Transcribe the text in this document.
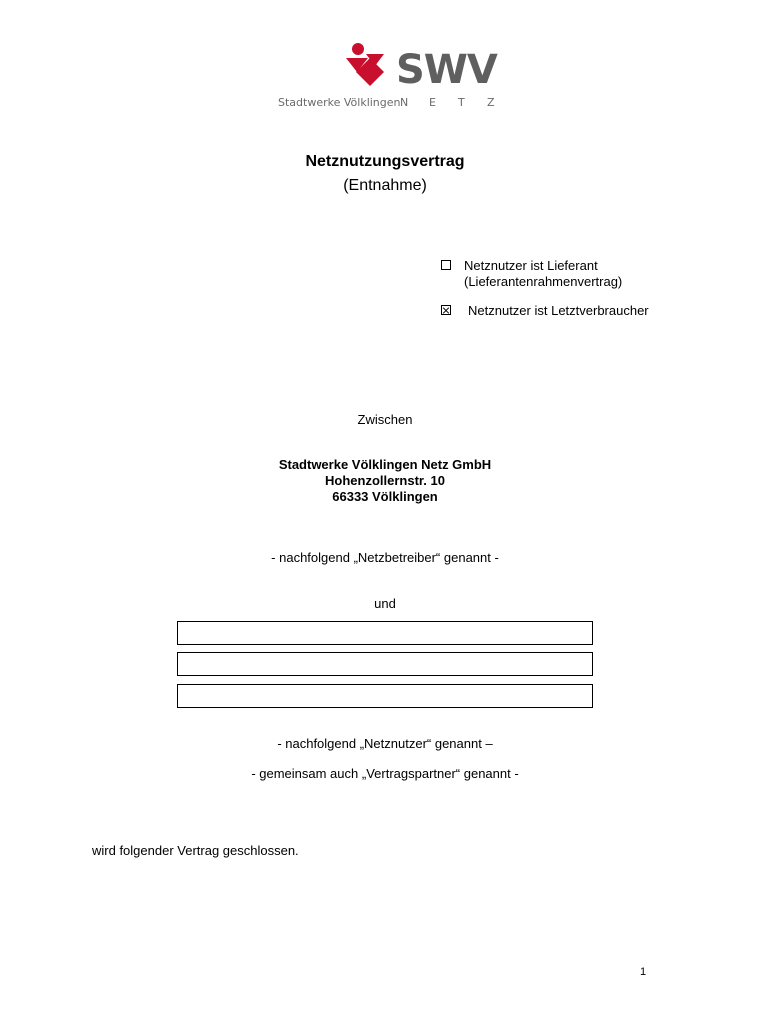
SWV
Stadtwerke Völklingen N E T Z
Netznutzungsvertrag
(Entnahme)
Netznutzer ist Lieferant
(Lieferantenrahmenvertrag)
Netznutzer ist Letztverbraucher
Zwischen
Stadtwerke Völklingen Netz GmbH
Hohenzollernstr. 10
66333 Völklingen
- nachfolgend „Netzbetreiber“ genannt -
und
- nachfolgend „Netznutzer“ genannt –
- gemeinsam auch „Vertragspartner“ genannt -
wird folgender Vertrag geschlossen.
1
